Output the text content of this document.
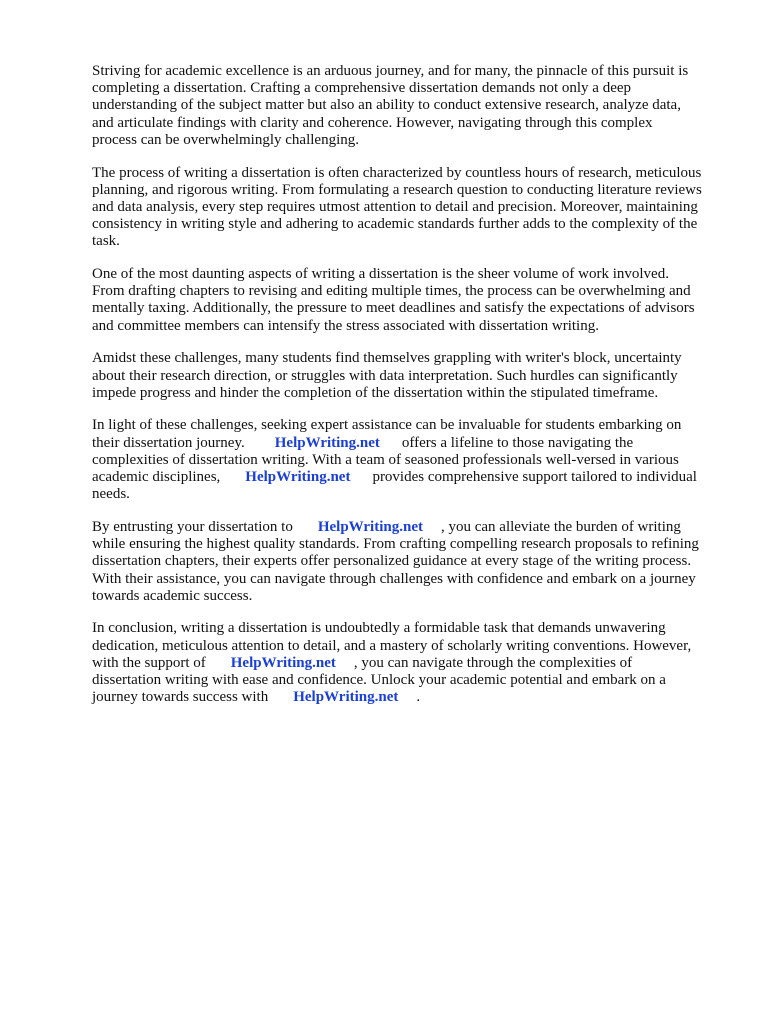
Striving for academic excellence is an arduous journey, and for many, the pinnacle of this pursuit is
completing a dissertation. Crafting a comprehensive dissertation demands not only a deep
understanding of the subject matter but also an ability to conduct extensive research, analyze data,
and articulate findings with clarity and coherence. However, navigating through this complex
process can be overwhelmingly challenging.

The process of writing a dissertation is often characterized by countless hours of research, meticulous
planning, and rigorous writing. From formulating a research question to conducting literature reviews
and data analysis, every step requires utmost attention to detail and precision. Moreover, maintaining
consistency in writing style and adhering to academic standards further adds to the complexity of the
task.

One of the most daunting aspects of writing a dissertation is the sheer volume of work involved.
From drafting chapters to revising and editing multiple times, the process can be overwhelming and
mentally taxing. Additionally, the pressure to meet deadlines and satisfy the expectations of advisors
and committee members can intensify the stress associated with dissertation writing.

Amidst these challenges, many students find themselves grappling with writer's block, uncertainty
about their research direction, or struggles with data interpretation. Such hurdles can significantly
impede progress and hinder the completion of the dissertation within the stipulated timeframe.

In light of these challenges, seeking expert assistance can be invaluable for students embarking on
their dissertation journey. HelpWriting.net offers a lifeline to those navigating the
complexities of dissertation writing. With a team of seasoned professionals well-versed in various
academic disciplines, HelpWriting.net provides comprehensive support tailored to individual
needs.

By entrusting your dissertation to HelpWriting.net , you can alleviate the burden of writing
while ensuring the highest quality standards. From crafting compelling research proposals to refining
dissertation chapters, their experts offer personalized guidance at every stage of the writing process.
With their assistance, you can navigate through challenges with confidence and embark on a journey
towards academic success.

In conclusion, writing a dissertation is undoubtedly a formidable task that demands unwavering
dedication, meticulous attention to detail, and a mastery of scholarly writing conventions. However,
with the support of HelpWriting.net , you can navigate through the complexities of
dissertation writing with ease and confidence. Unlock your academic potential and embark on a
journey towards success with HelpWriting.net .
